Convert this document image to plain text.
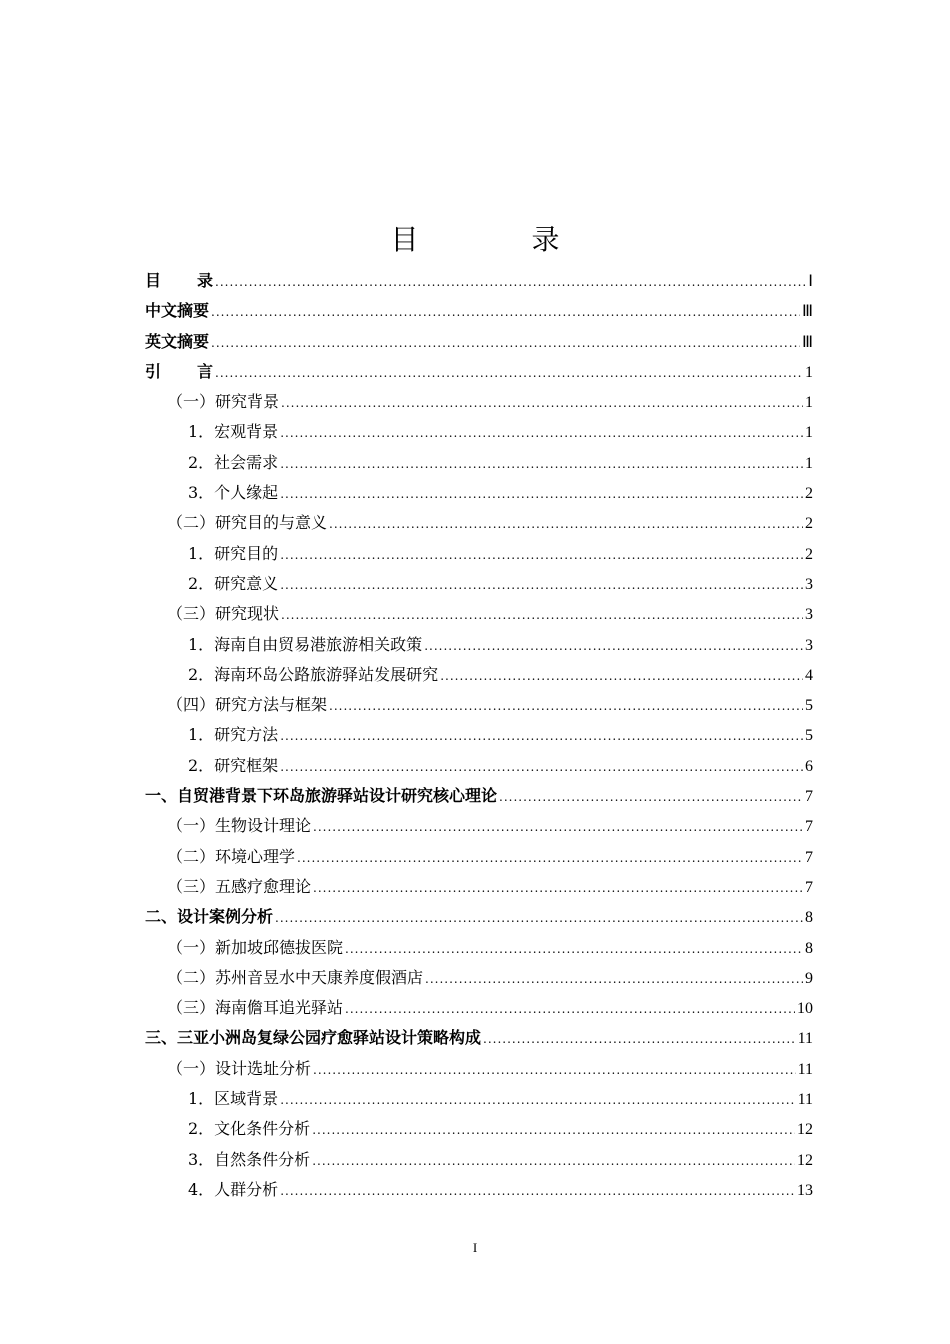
目 录
目录 .....	Ⅰ
中文摘要 .....	Ⅲ
英文摘要 .....	Ⅲ
引言 .....	1
（一）研究背景 .....	1
1．宏观背景 .....	1
2．社会需求 .....	1
3．个人缘起 .....	2
（二）研究目的与意义 .....	2
1．研究目的 .....	2
2．研究意义 .....	3
（三）研究现状 .....	3
1．海南自由贸易港旅游相关政策 .....	3
2．海南环岛公路旅游驿站发展研究 .....	4
（四）研究方法与框架 .....	5
1．研究方法 .....	5
2．研究框架 .....	6
一、自贸港背景下环岛旅游驿站设计研究核心理论 .....	7
（一）生物设计理论 .....	7
（二）环境心理学 .....	7
（三）五感疗愈理论 .....	7
二、设计案例分析 .....	8
（一）新加坡邱德拔医院 .....	8
（二）苏州音昱水中天康养度假酒店 .....	9
（三）海南儋耳追光驿站 .....	10
三、三亚小洲岛复绿公园疗愈驿站设计策略构成 .....	11
（一）设计选址分析 .....	11
1．区域背景 .....	11
2．文化条件分析 .....	12
3．自然条件分析 .....	12
4．人群分析 .....	13
I
